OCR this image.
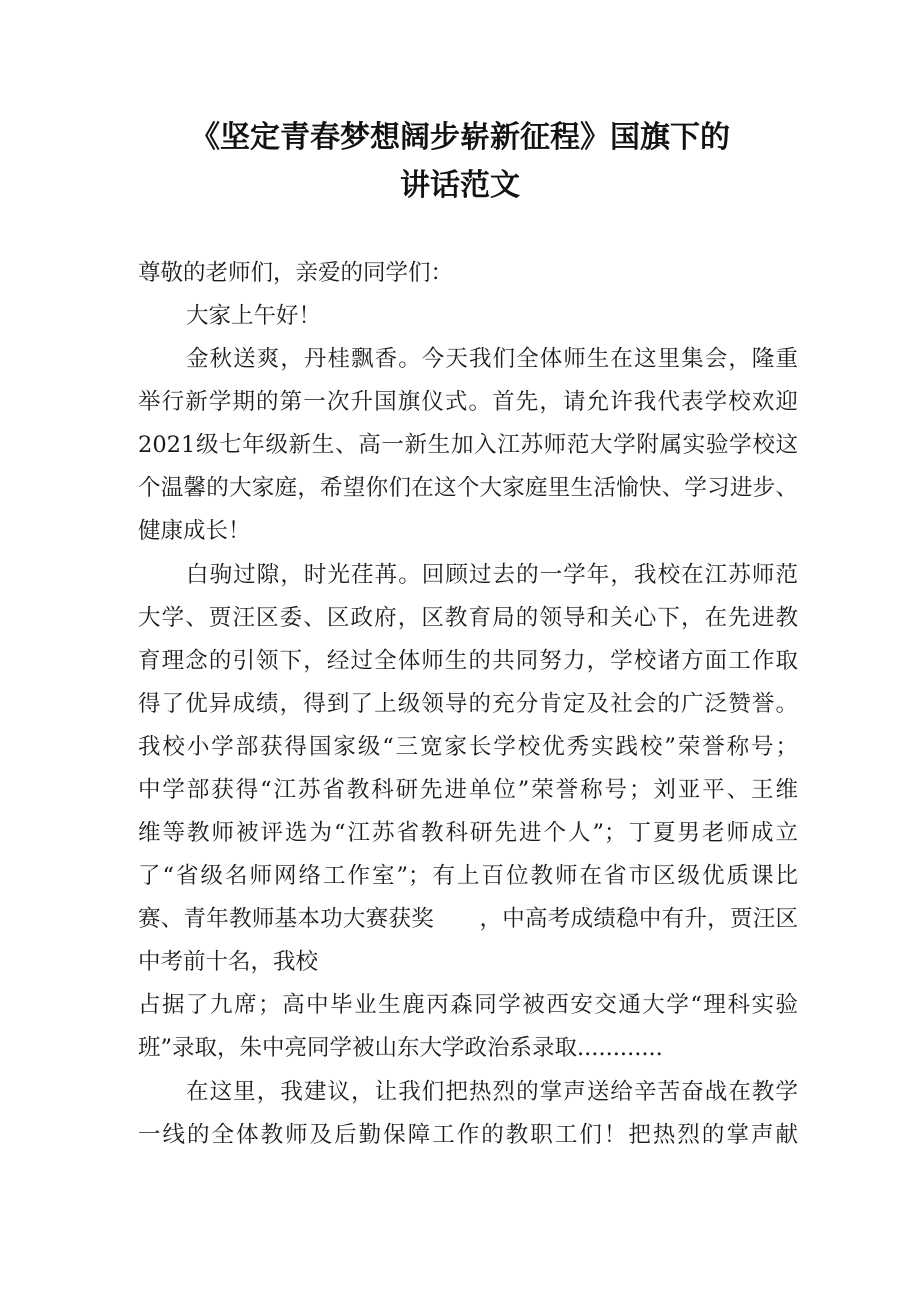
《坚定青春梦想阔步崭新征程》国旗下的
讲话范文
尊敬的老师们，亲爱的同学们：
大家上午好！
金秋送爽，丹桂飘香。今天我们全体师生在这里集会，隆重
举行新学期的第一次升国旗仪式。首先，请允许我代表学校欢迎
2021级七年级新生、高一新生加入江苏师范大学附属实验学校这
个温馨的大家庭，希望你们在这个大家庭里生活愉快、学习进步、
健康成长！
白驹过隙，时光荏苒。回顾过去的一学年，我校在江苏师范
大学、贾汪区委、区政府，区教育局的领导和关心下，在先进教
育理念的引领下，经过全体师生的共同努力，学校诸方面工作取
得了优异成绩，得到了上级领导的充分肯定及社会的广泛赞誉。
我校小学部获得国家级“三宽家长学校优秀实践校”荣誉称号；
中学部获得“江苏省教科研先进单位”荣誉称号；刘亚平、王维
维等教师被评选为“江苏省教科研先进个人”；丁夏男老师成立
了“省级名师网络工作室”；有上百位教师在省市区级优质课比
赛、青年教师基本功大赛获奖　　，中高考成绩稳中有升，贾汪区
中考前十名，我校
占据了九席；高中毕业生鹿丙森同学被西安交通大学“理科实验
班”录取，朱中亮同学被山东大学政治系录取............
在这里，我建议，让我们把热烈的掌声送给辛苦奋战在教学
一线的全体教师及后勤保障工作的教职工们！把热烈的掌声献
